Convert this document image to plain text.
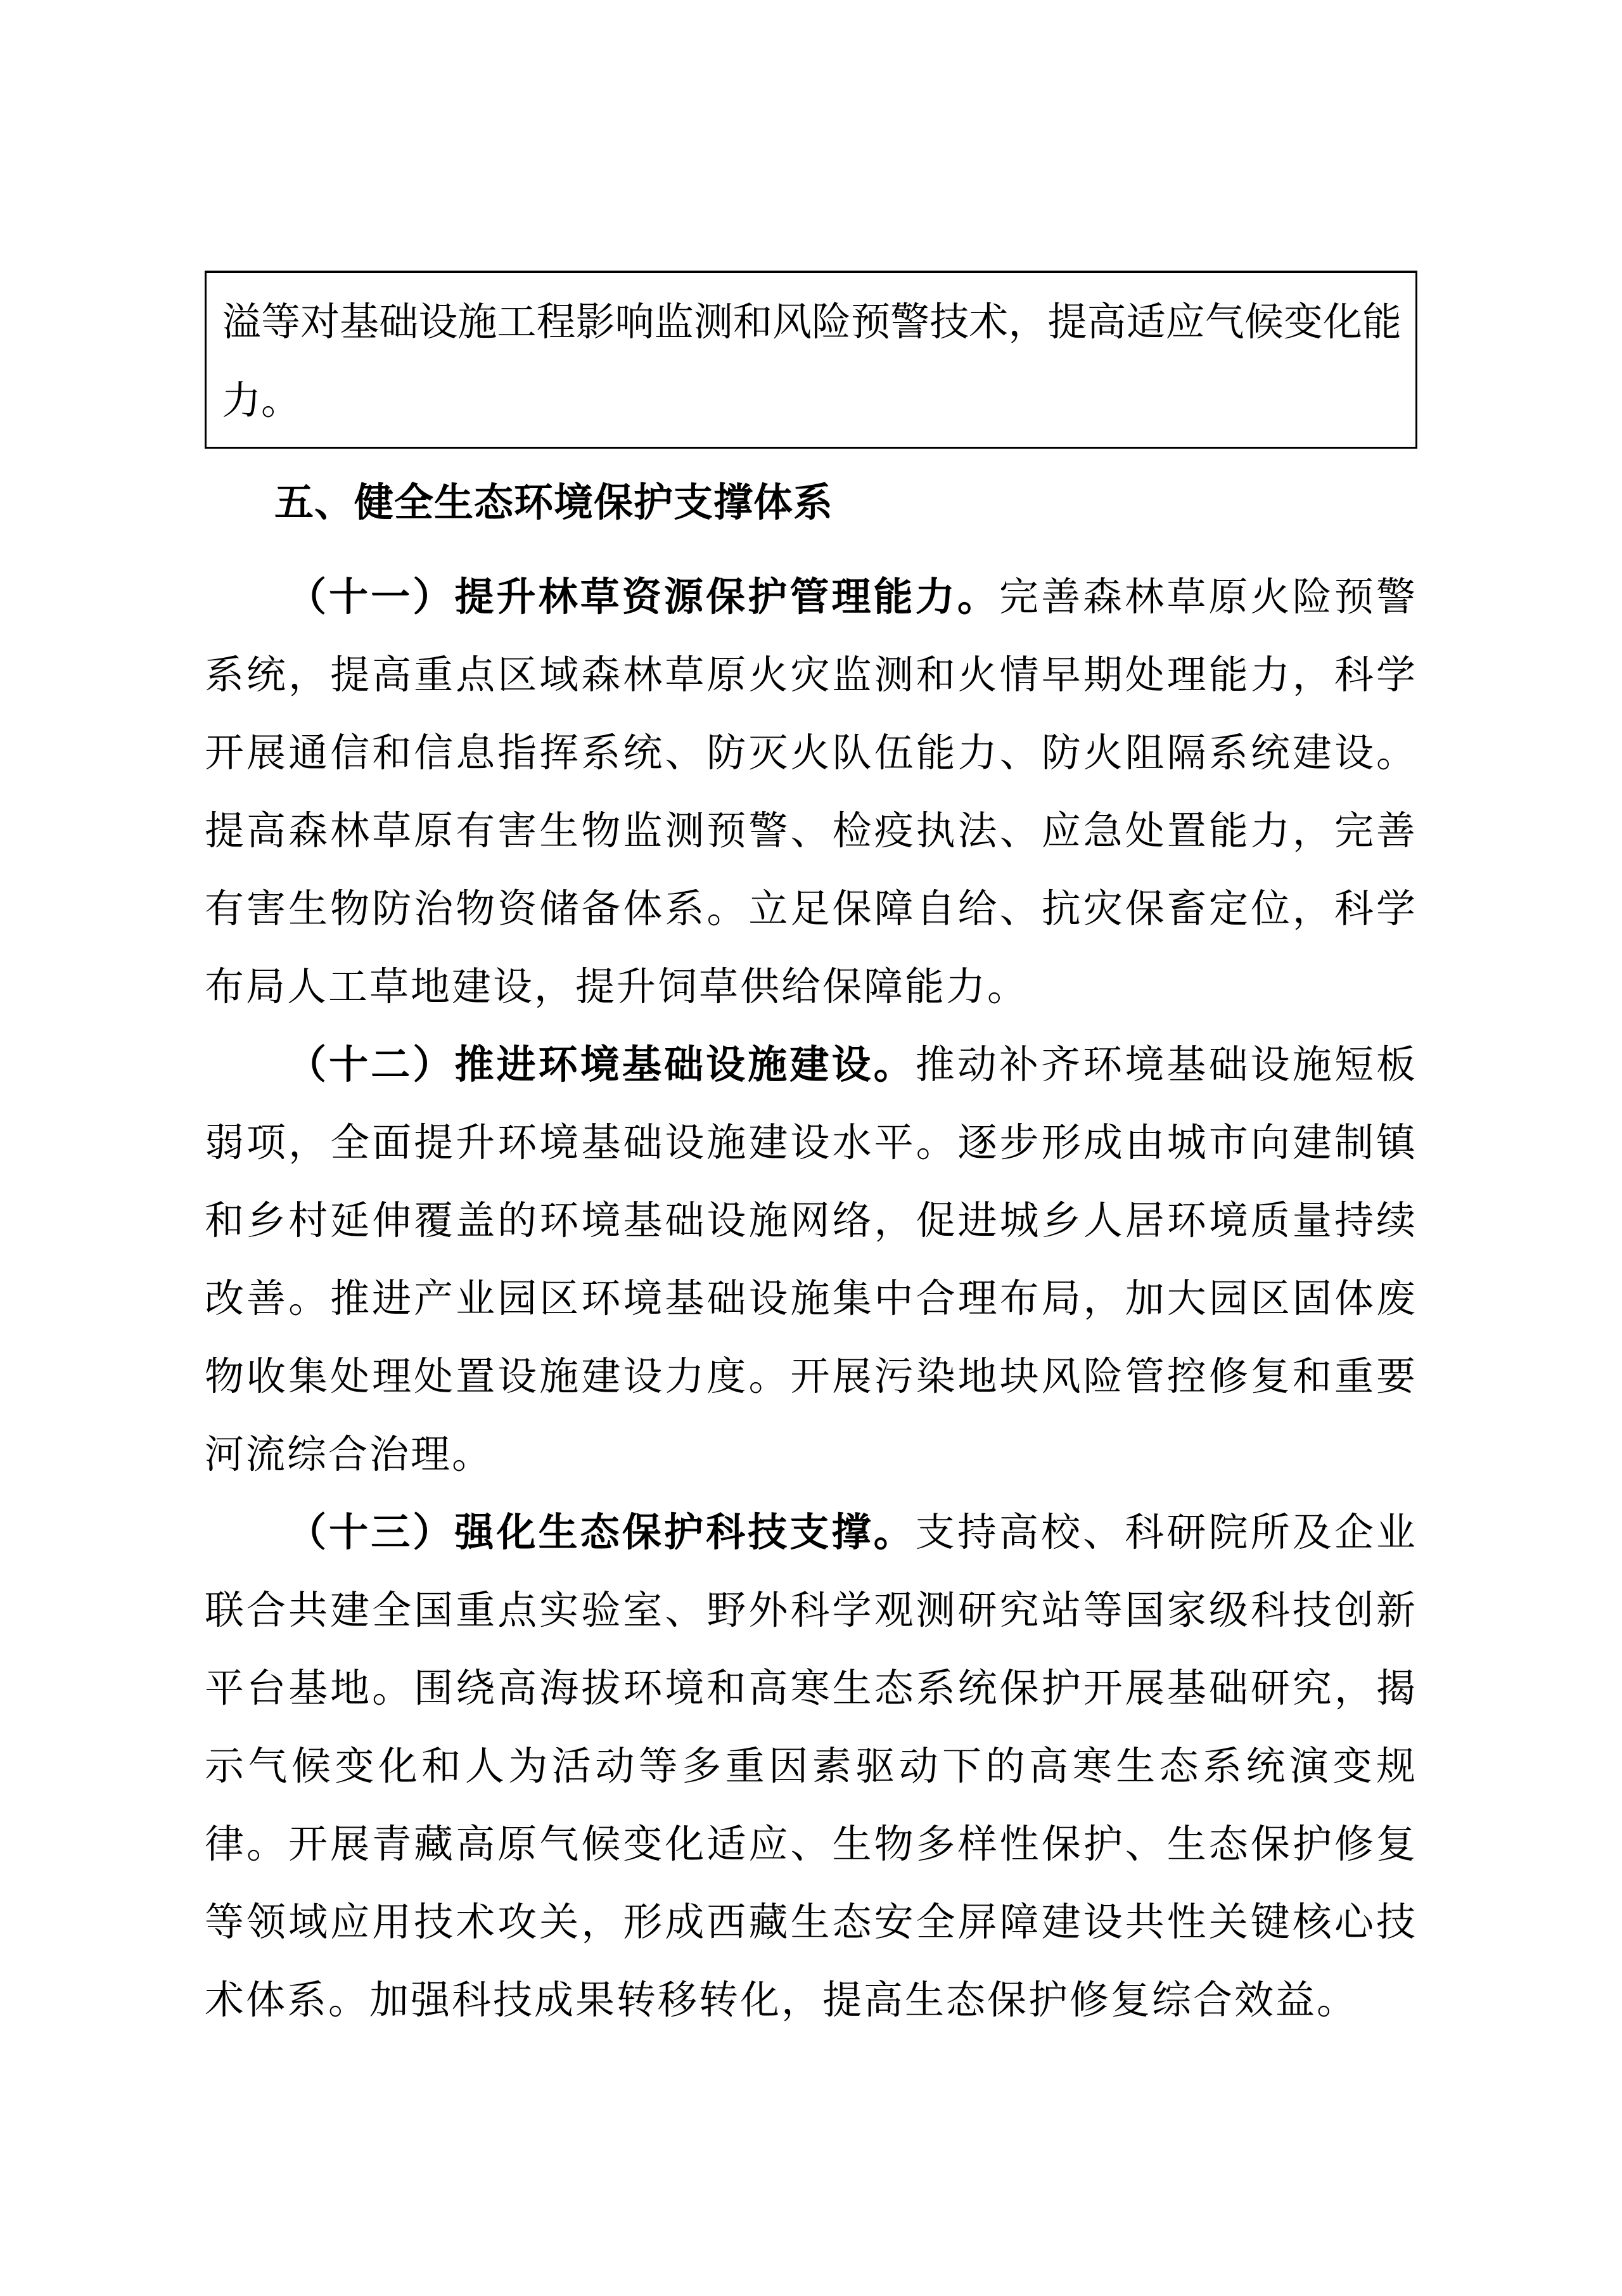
溢等对基础设施工程影响监测和风险预警技术，提高适应气候变化能力。
五、健全生态环境保护支撑体系

（十一）提升林草资源保护管理能力。完善森林草原火险预警系统，提高重点区域森林草原火灾监测和火情早期处理能力，科学开展通信和信息指挥系统、防灭火队伍能力、防火阻隔系统建设。提高森林草原有害生物监测预警、检疫执法、应急处置能力，完善有害生物防治物资储备体系。立足保障自给、抗灾保畜定位，科学布局人工草地建设，提升饲草供给保障能力。

（十二）推进环境基础设施建设。推动补齐环境基础设施短板弱项，全面提升环境基础设施建设水平。逐步形成由城市向建制镇和乡村延伸覆盖的环境基础设施网络，促进城乡人居环境质量持续改善。推进产业园区环境基础设施集中合理布局，加大园区固体废物收集处理处置设施建设力度。开展污染地块风险管控修复和重要河流综合治理。

（十三）强化生态保护科技支撑。支持高校、科研院所及企业联合共建全国重点实验室、野外科学观测研究站等国家级科技创新平台基地。围绕高海拔环境和高寒生态系统保护开展基础研究，揭示气候变化和人为活动等多重因素驱动下的高寒生态系统演变规律。开展青藏高原气候变化适应、生物多样性保护、生态保护修复等领域应用技术攻关，形成西藏生态安全屏障建设共性关键核心技术体系。加强科技成果转移转化，提高生态保护修复综合效益。
